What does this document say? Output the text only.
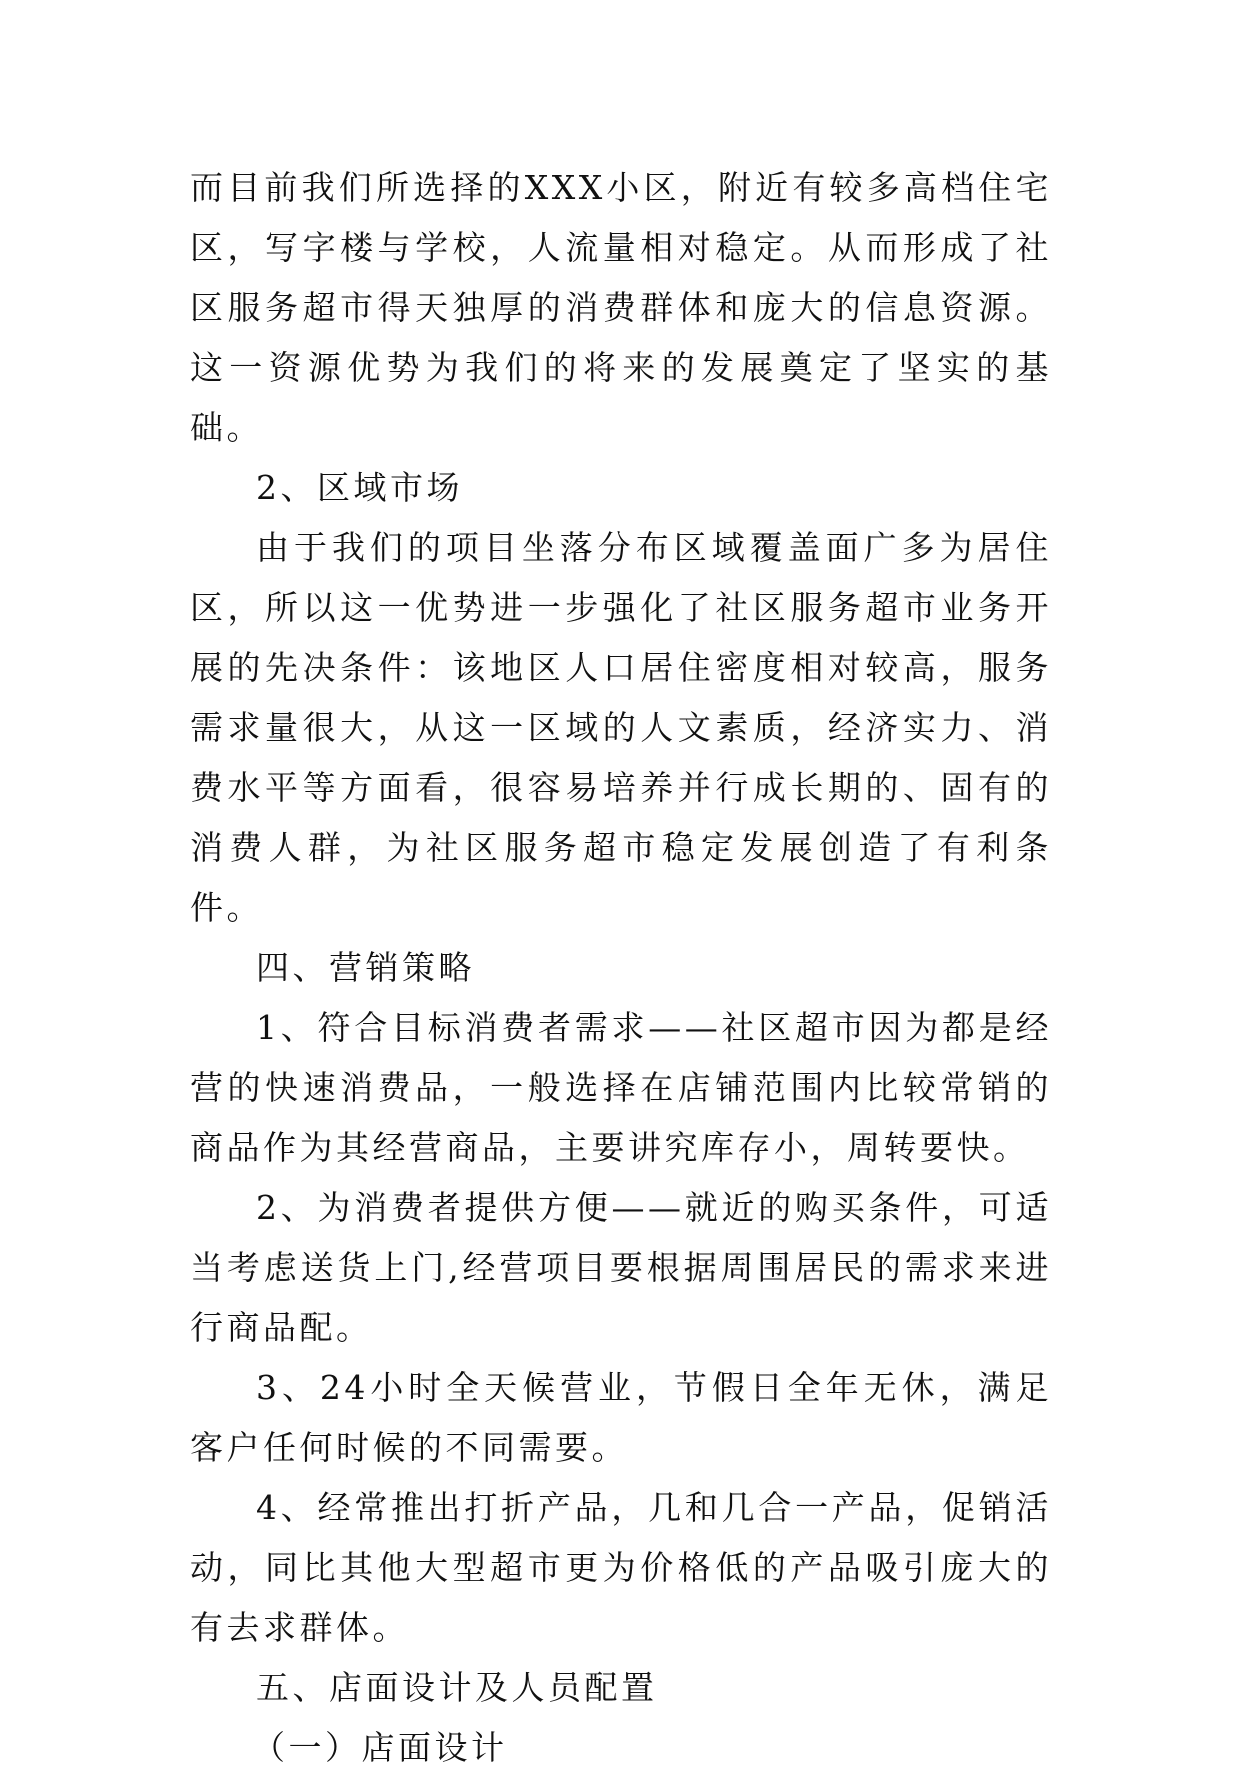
而目前我们所选择的XXX小区，附近有较多高档住宅区，写字楼与学校，人流量相对稳定。从而形成了社区服务超市得天独厚的消费群体和庞大的信息资源。这一资源优势为我们的将来的发展奠定了坚实的基础。

2、区域市场

由于我们的项目坐落分布区域覆盖面广多为居住区，所以这一优势进一步强化了社区服务超市业务开展的先决条件：该地区人口居住密度相对较高，服务需求量很大，从这一区域的人文素质，经济实力、消费水平等方面看，很容易培养并行成长期的、固有的消费人群，为社区服务超市稳定发展创造了有利条件。

四、营销策略

1、符合目标消费者需求——社区超市因为都是经营的快速消费品，一般选择在店铺范围内比较常销的商品作为其经营商品，主要讲究库存小，周转要快。

2、为消费者提供方便——就近的购买条件，可适当考虑送货上门,经营项目要根据周围居民的需求来进行商品配。

3、24小时全天候营业，节假日全年无休，满足客户任何时候的不同需要。

4、经常推出打折产品，几和几合一产品，促销活动，同比其他大型超市更为价格低的产品吸引庞大的有去求群体。

五、店面设计及人员配置

（一）店面设计
